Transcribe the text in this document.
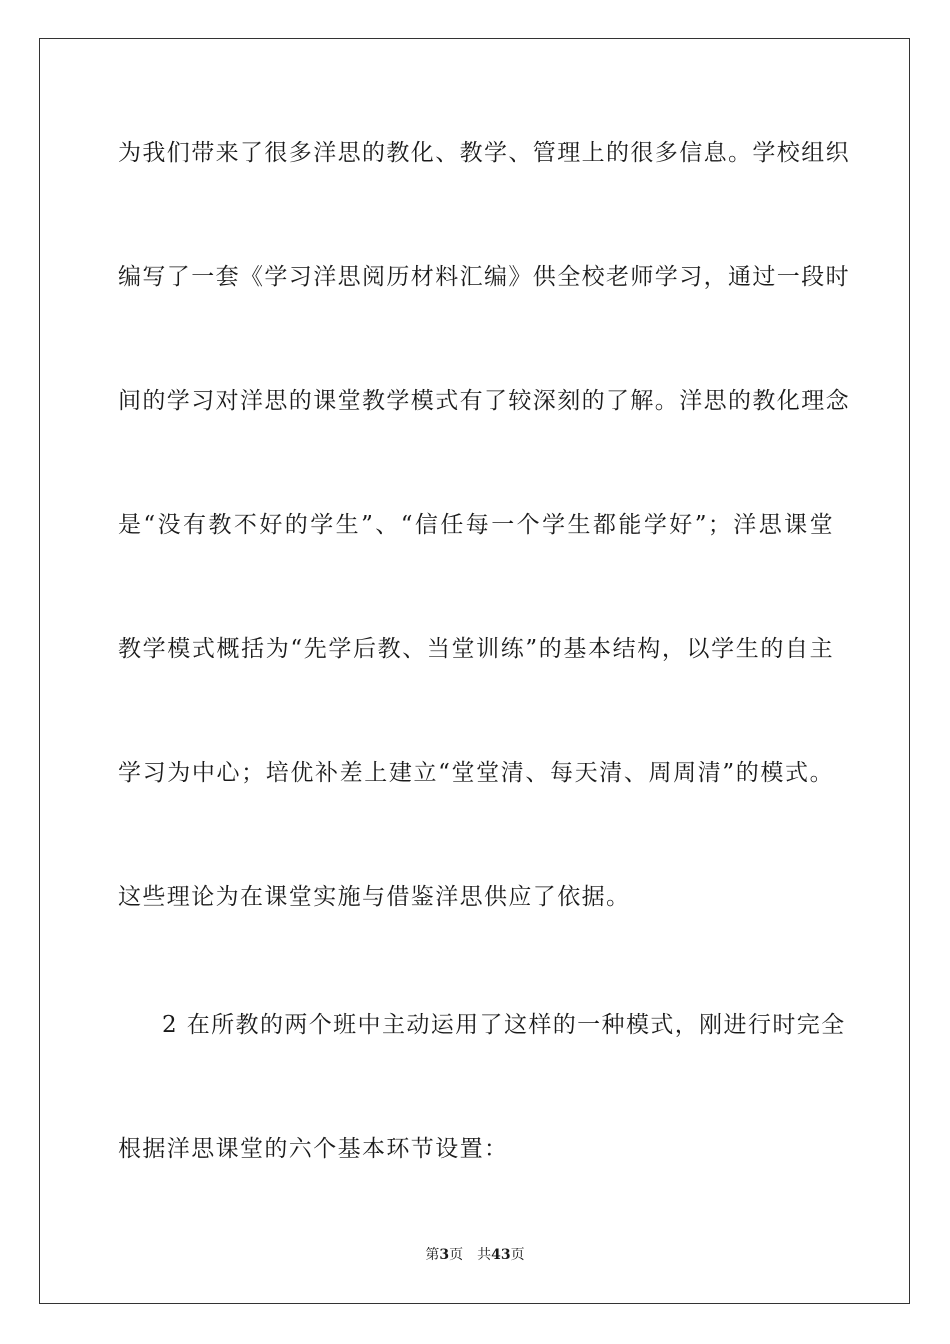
为我们带来了很多洋思的教化、教学、管理上的很多信息。学校组织
编写了一套《学习洋思阅历材料汇编》供全校老师学习，通过一段时
间的学习对洋思的课堂教学模式有了较深刻的了解。洋思的教化理念
是“没有教不好的学生”、“信任每一个学生都能学好”；洋思课堂
教学模式概括为“先学后教、当堂训练”的基本结构，以学生的自主
学习为中心；培优补差上建立“堂堂清、每天清、周周清”的模式。
这些理论为在课堂实施与借鉴洋思供应了依据。
2 在所教的两个班中主动运用了这样的一种模式，刚进行时完全
根据洋思课堂的六个基本环节设置：
第3页 共43页
